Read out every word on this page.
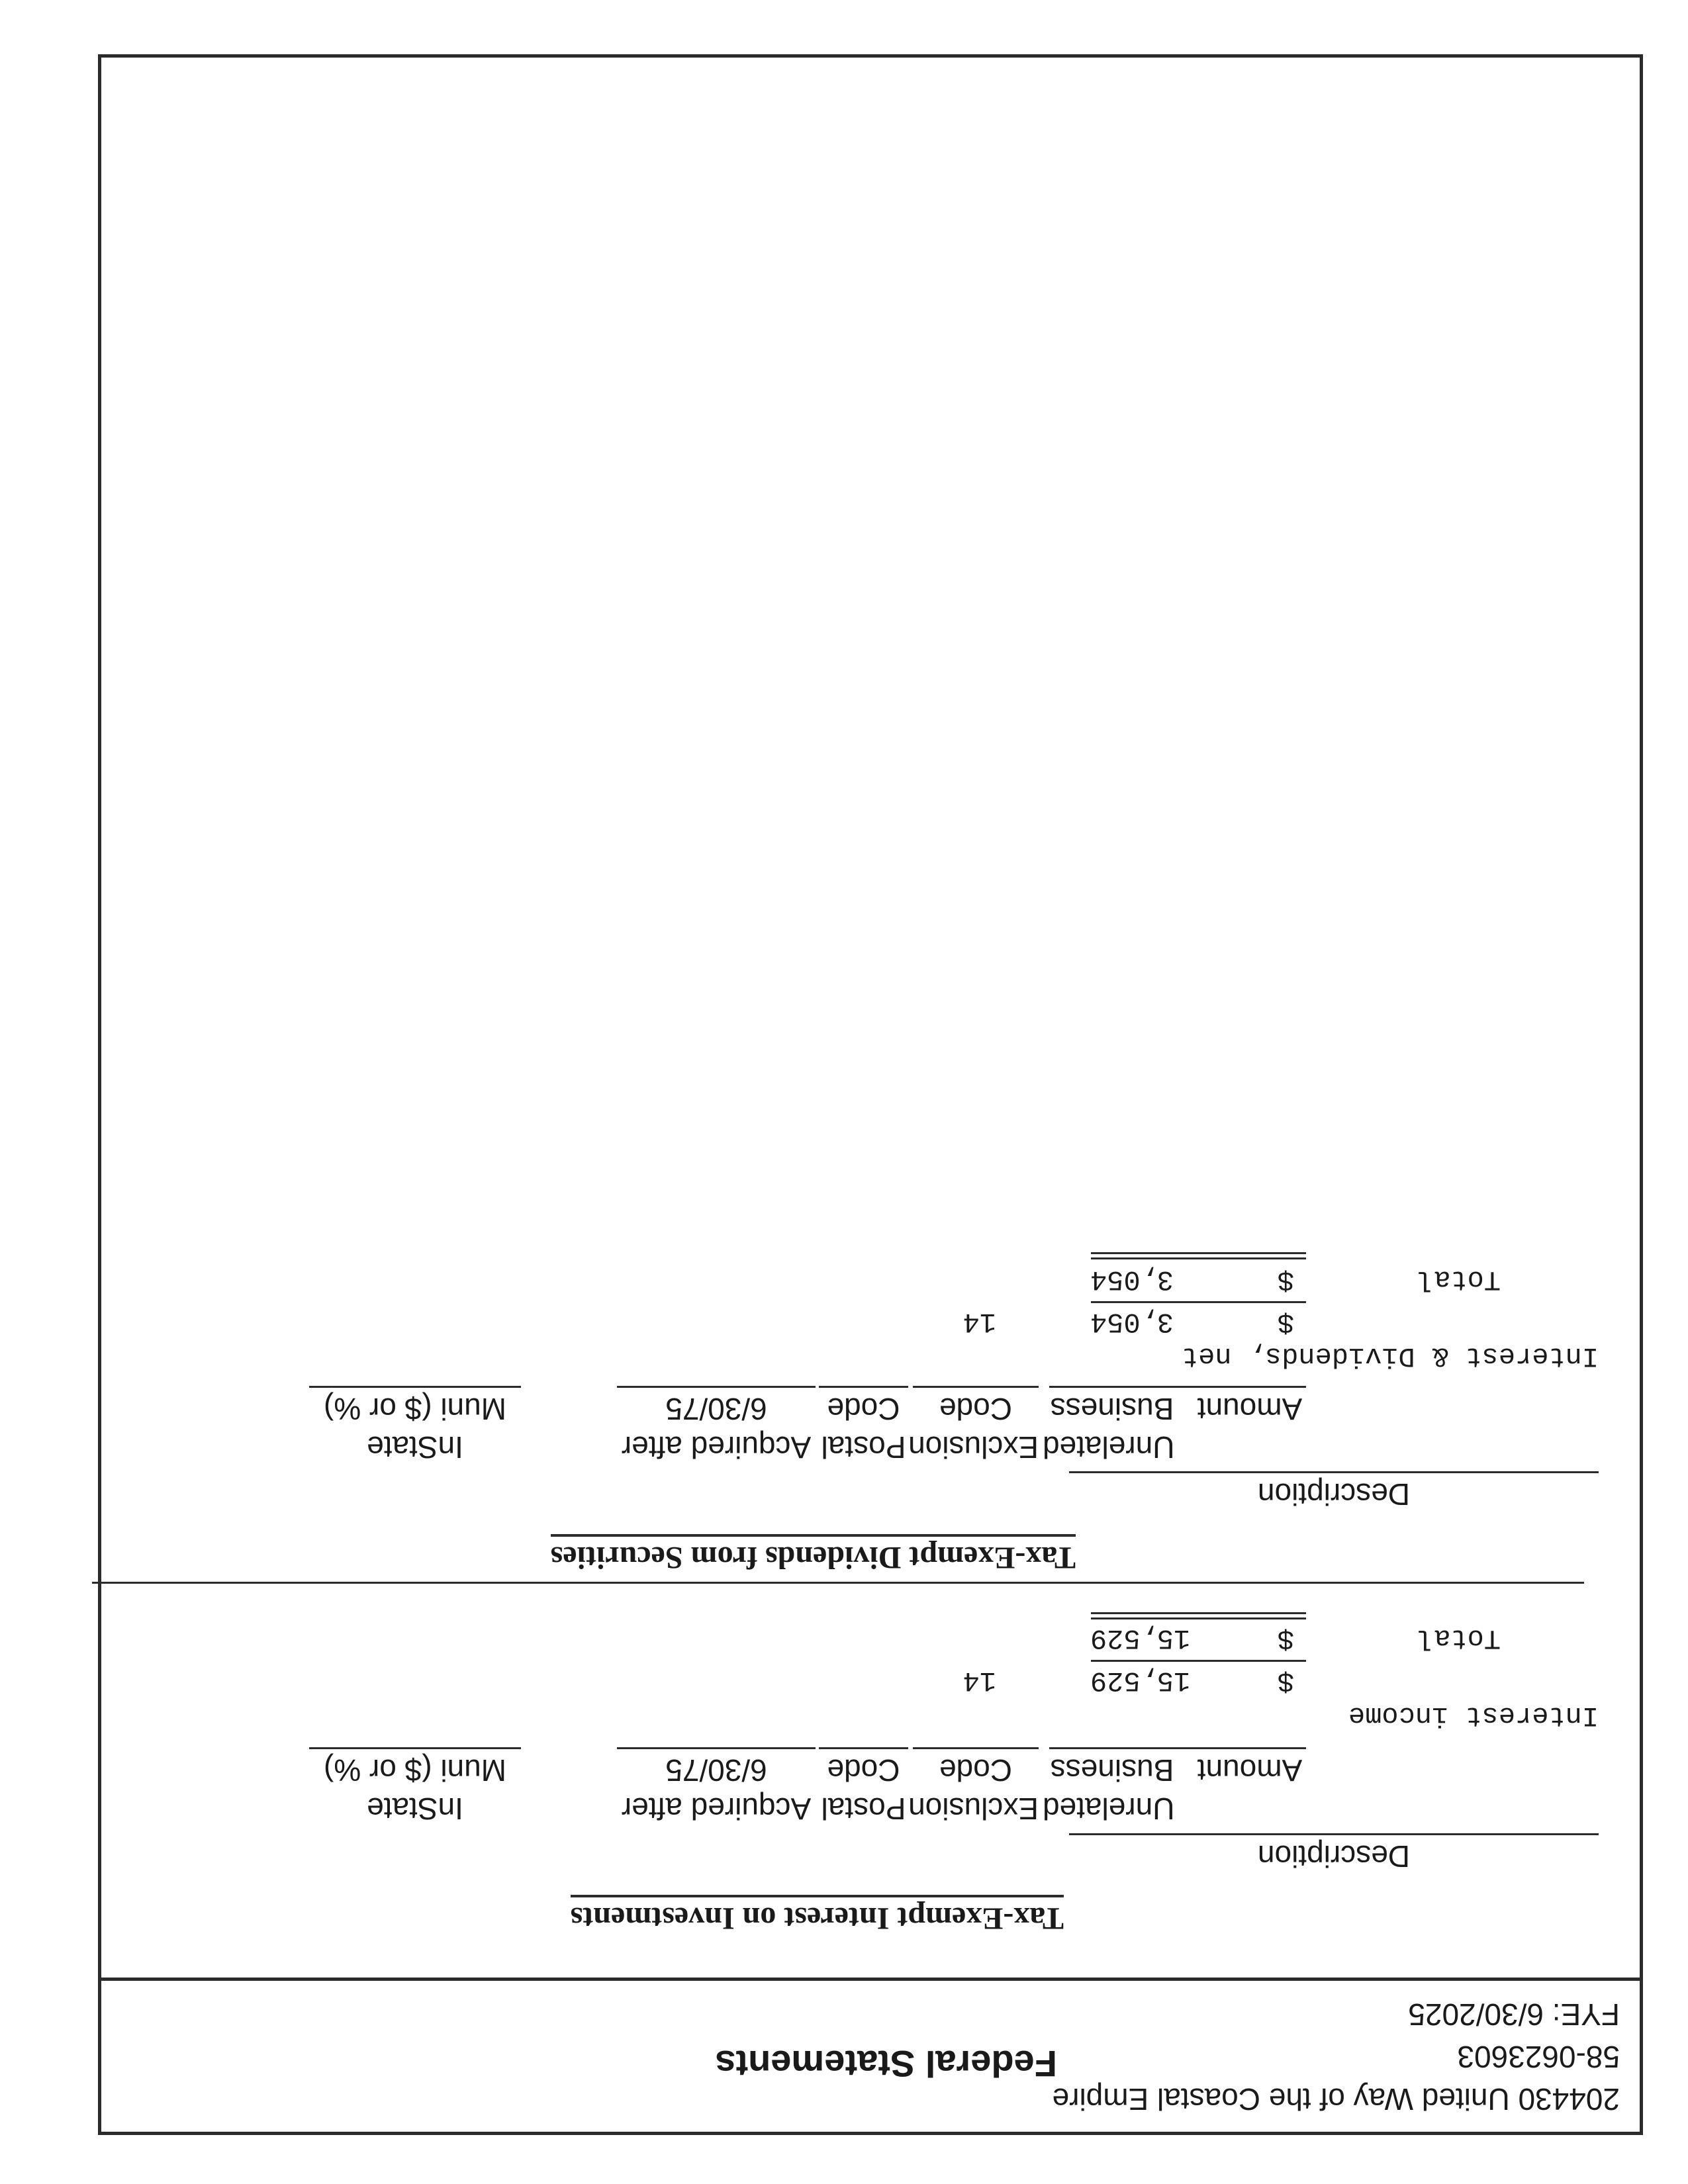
204430 United Way of the Coastal Empire
58-0623603
FYE: 6/30/2025
Federal Statements
Tax-Exempt Interest on Investments
Description
Unrelated
Exclusion
Postal
Acquired after
InState
Amount
Business
Code
Code
6/30/75
Muni ($ or %)
Interest income
$
15,529
14
Total
$
15,529
Tax-Exempt Dividends from Securities
Description
Unrelated
Exclusion
Postal
Acquired after
InState
Amount
Business
Code
Code
6/30/75
Muni ($ or %)
Interest & Dividends, net
$
3,054
14
Total
$
3,054
